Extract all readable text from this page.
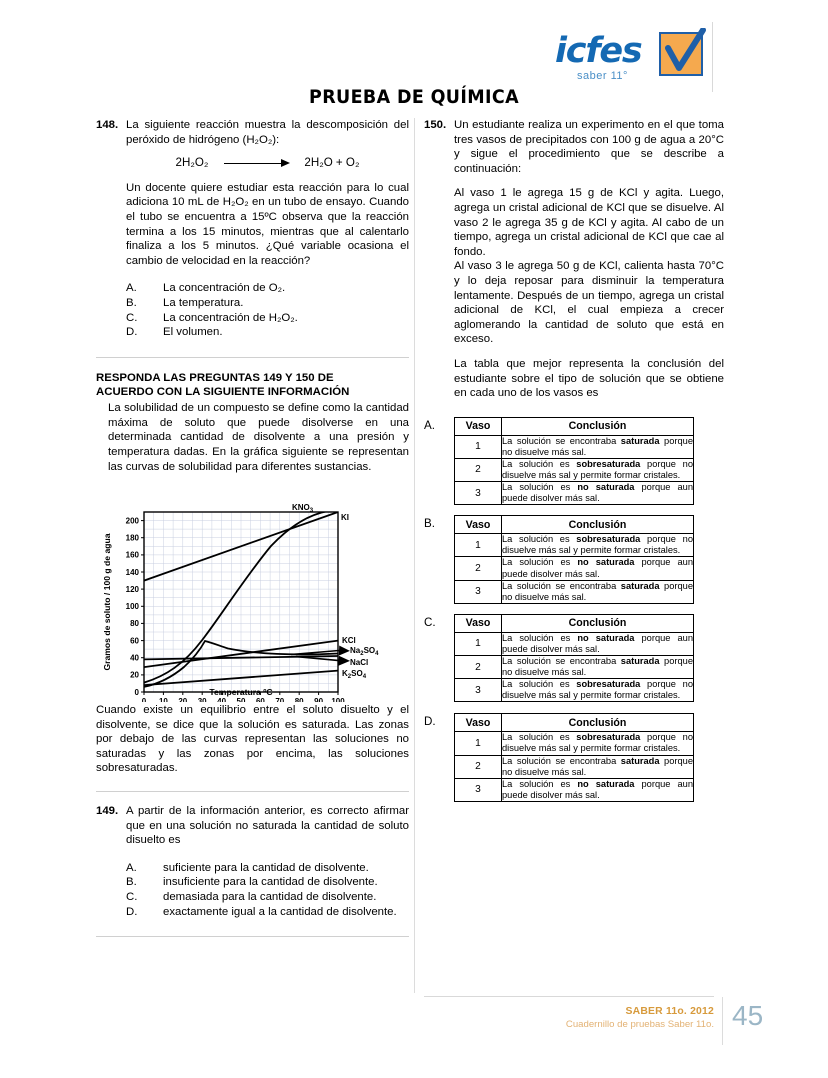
icfes
saber 11°
PRUEBA DE QUÍMICA
148. La siguiente reacción muestra la descomposición del peróxido de hidrógeno (H₂O₂):

2H₂O₂	2H₂O + O₂

Un docente quiere estudiar esta reacción para lo cual adiciona 10 mL de H₂O₂ en un tubo de ensayo. Cuando el tubo se encuentra a 15ºC observa que la reacción termina a los 15 minutos, mientras que al calentarlo finaliza a los 5 minutos. ¿Qué variable ocasiona el cambio de velocidad en la reacción?

A.	La concentración de O₂.
B.	La temperatura.
C.	La concentración de H₂O₂.
D.	El volumen.
RESPONDA LAS PREGUNTAS 149 Y 150 DE
ACUERDO CON LA SIGUIENTE INFORMACIÓN
La solubilidad de un compuesto se define como la cantidad máxima de soluto que puede disolverse en una determinada cantidad de disolvente a una presión y temperatura dadas. En la gráfica siguiente se representan las curvas de solubilidad para diferentes sustancias.
$KNO_3$
KI
KCl
$Na_2SO_4$
NaCl
$K_2SO_4$
0
20
40
60
80
100
120
140
160
180
200
0 10 20 30 40 50 60 70 80 90 100
Gramos de soluto / 100 g de agua
Temperatura ºC
Cuando existe un equilibrio entre el soluto disuelto y el disolvente, se dice que la solución es saturada. Las zonas por debajo de las curvas representan las soluciones no saturadas y las zonas por encima, las soluciones sobresaturadas.
149. A partir de la información anterior, es correcto afirmar que en una solución no saturada la cantidad de soluto disuelto es

A.	suficiente para la cantidad de disolvente.
B.	insuficiente para la cantidad de disolvente.
C.	demasiada para la cantidad de disolvente.
D.	exactamente igual a la cantidad de disolvente.
150. Un estudiante realiza un experimento en el que toma tres vasos de precipitados con 100 g de agua a 20°C y sigue el procedimiento que se describe a continuación:

Al vaso 1 le agrega 15 g de KCl y agita. Luego, agrega un cristal adicional de KCl que se disuelve. Al vaso 2 le agrega 35 g de KCl y agita. Al cabo de un tiempo, agrega un cristal adicional de KCl que cae al fondo.

Al vaso 3 le agrega 50 g de KCl, calienta hasta 70°C y lo deja reposar para disminuir la temperatura lentamente. Después de un tiempo, agrega un cristal adicional de KCl, el cual empieza a crecer aglomerando la cantidad de soluto que está en exceso.

La tabla que mejor representa la conclusión del estudiante sobre el tipo de solución que se obtiene en cada uno de los vasos es

A.	Vaso	Conclusión
1	La solución se encontraba saturada porque no disuelve más sal.
2	La solución es sobresaturada porque no disuelve más sal y permite formar cristales.
3	La solución es no saturada porque aun puede disolver más sal.
B.	Vaso	Conclusión
1	La solución es sobresaturada porque no disuelve más sal y permite formar cristales.
2	La solución es no saturada porque aun puede disolver más sal.
3	La solución se encontraba saturada porque no disuelve más sal.
C.	Vaso	Conclusión
1	La solución es no saturada porque aun puede disolver más sal.
2	La solución se encontraba saturada porque no disuelve más sal.
3	La solución es sobresaturada porque no disuelve más sal y permite formar cristales.
D.	Vaso	Conclusión
1	La solución es sobresaturada porque no disuelve más sal y permite formar cristales.
2	La solución se encontraba saturada porque no disuelve más sal.
3	La solución es no saturada porque aun puede disolver más sal.
SABER 11o. 2012
Cuadernillo de pruebas Saber 11o. 45
